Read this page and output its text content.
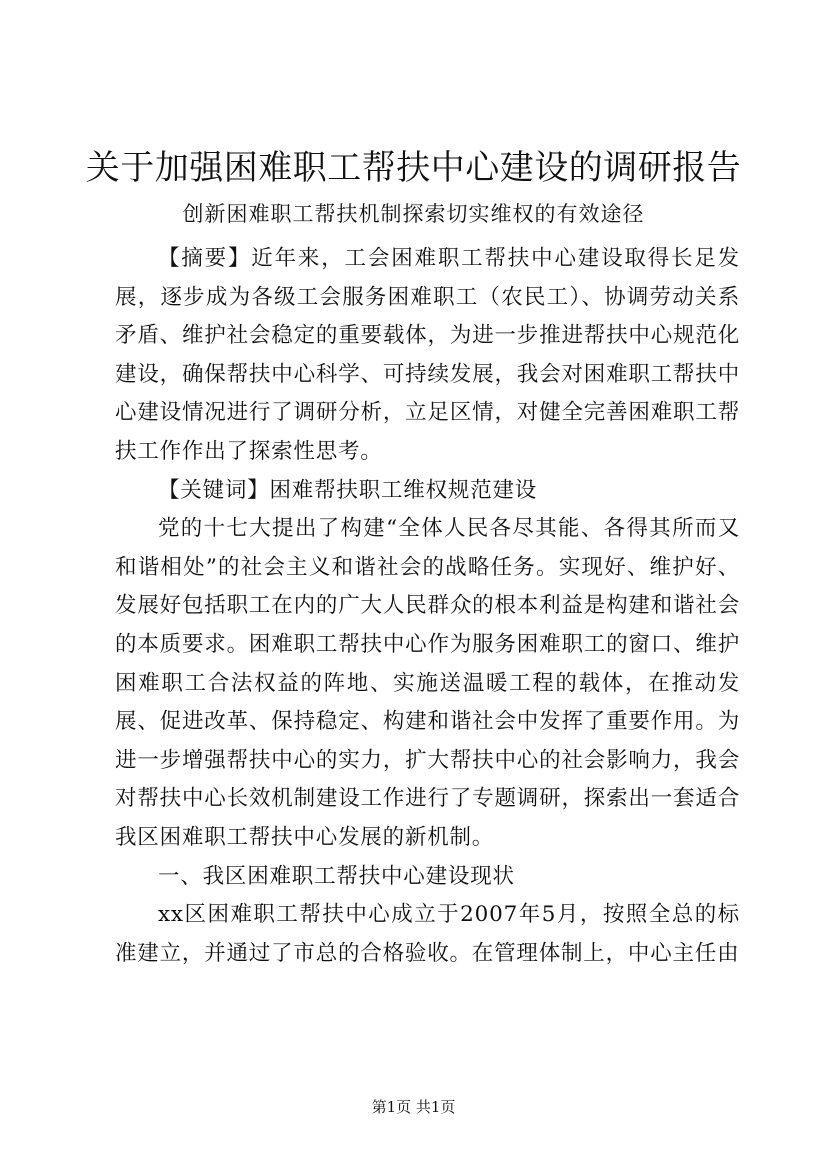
关于加强困难职工帮扶中心建设的调研报告
创新困难职工帮扶机制探索切实维权的有效途径

【摘要】近年来，工会困难职工帮扶中心建设取得长足发展，逐步成为各级工会服务困难职工（农民工）、协调劳动关系矛盾、维护社会稳定的重要载体，为进一步推进帮扶中心规范化建设，确保帮扶中心科学、可持续发展，我会对困难职工帮扶中心建设情况进行了调研分析，立足区情，对健全完善困难职工帮扶工作作出了探索性思考。

【关键词】困难帮扶职工维权规范建设

党的十七大提出了构建“全体人民各尽其能、各得其所而又和谐相处”的社会主义和谐社会的战略任务。实现好、维护好、发展好包括职工在内的广大人民群众的根本利益是构建和谐社会的本质要求。困难职工帮扶中心作为服务困难职工的窗口、维护困难职工合法权益的阵地、实施送温暖工程的载体，在推动发展、促进改革、保持稳定、构建和谐社会中发挥了重要作用。为进一步增强帮扶中心的实力，扩大帮扶中心的社会影响力，我会对帮扶中心长效机制建设工作进行了专题调研，探索出一套适合我区困难职工帮扶中心发展的新机制。

一、我区困难职工帮扶中心建设现状

xx区困难职工帮扶中心成立于2007年5月，按照全总的标准建立，并通过了市总的合格验收。在管理体制上，中心主任由

第1页 共1页
